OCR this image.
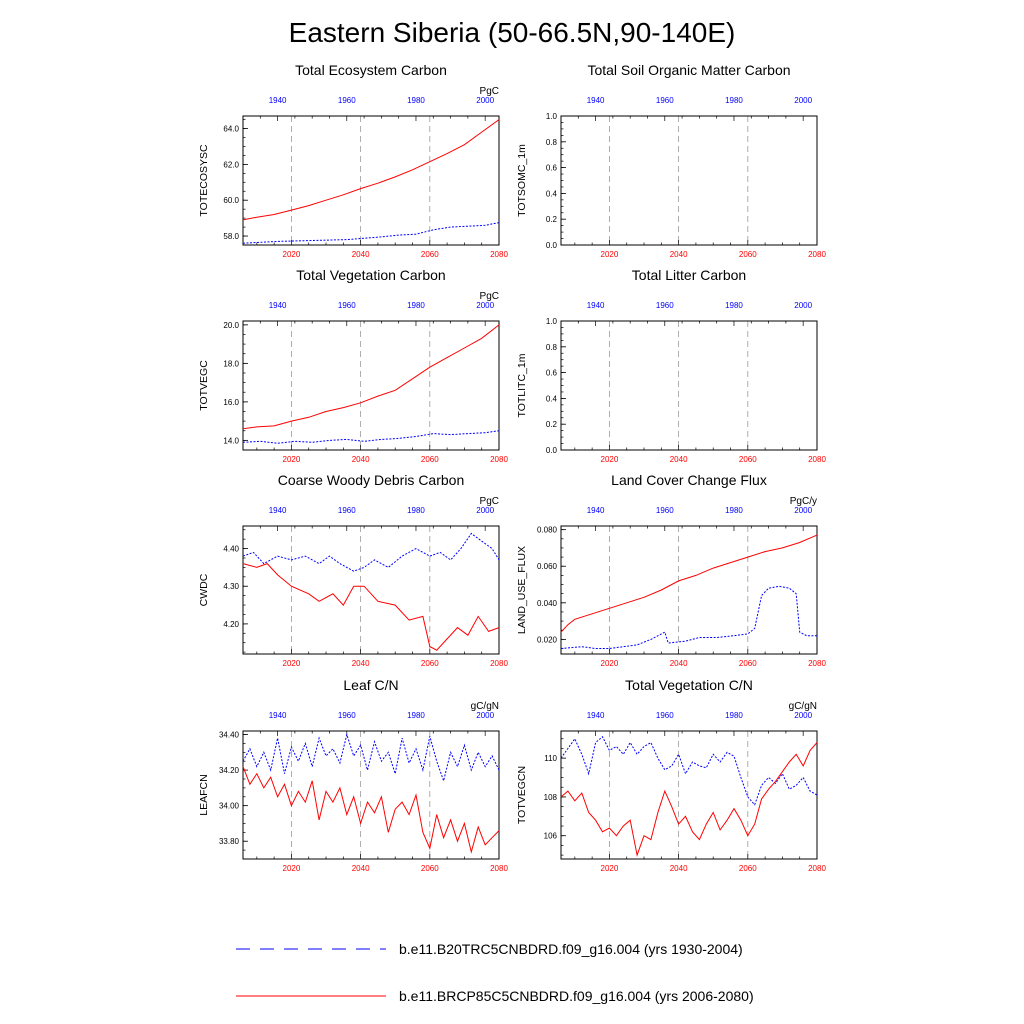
Eastern Siberia (50-66.5N,90-140E)
Total Ecosystem Carbon
PgC
2020	2040	2060	2080
1940	1960	1980	2000
58.0
60.0
62.0
64.0
TOTECOSYSC
Total Soil Organic Matter Carbon
2020	2040	2060	2080
1940	1960	1980	2000
0.0
0.2
0.4
0.6
0.8
1.0
TOTSOMC_1m
Total Vegetation Carbon
PgC
2020	2040	2060	2080
1940	1960	1980	2000
14.0
16.0
18.0
20.0
TOTVEGC
Total Litter Carbon
2020	2040	2060	2080
1940	1960	1980	2000
0.0
0.2
0.4
0.6
0.8
1.0
TOTLITC_1m
Coarse Woody Debris Carbon
PgC
2020	2040	2060	2080
1940	1960	1980	2000
4.20
4.30
4.40
CWDC
Land Cover Change Flux
PgC/y
2020	2040	2060	2080
1940	1960	1980	2000
0.020
0.040
0.060
0.080
LAND_USE_FLUX
Leaf C/N
gC/gN
2020	2040	2060	2080
1940	1960	1980	2000
33.80
34.00
34.20
34.40
LEAFCN
Total Vegetation C/N
gC/gN
2020	2040	2060	2080
1940	1960	1980	2000
106
108
110
TOTVEGCN
b.e11.B20TRC5CNBDRD.f09_g16.004 (yrs 1930-2004)
b.e11.BRCP85C5CNBDRD.f09_g16.004 (yrs 2006-2080)
